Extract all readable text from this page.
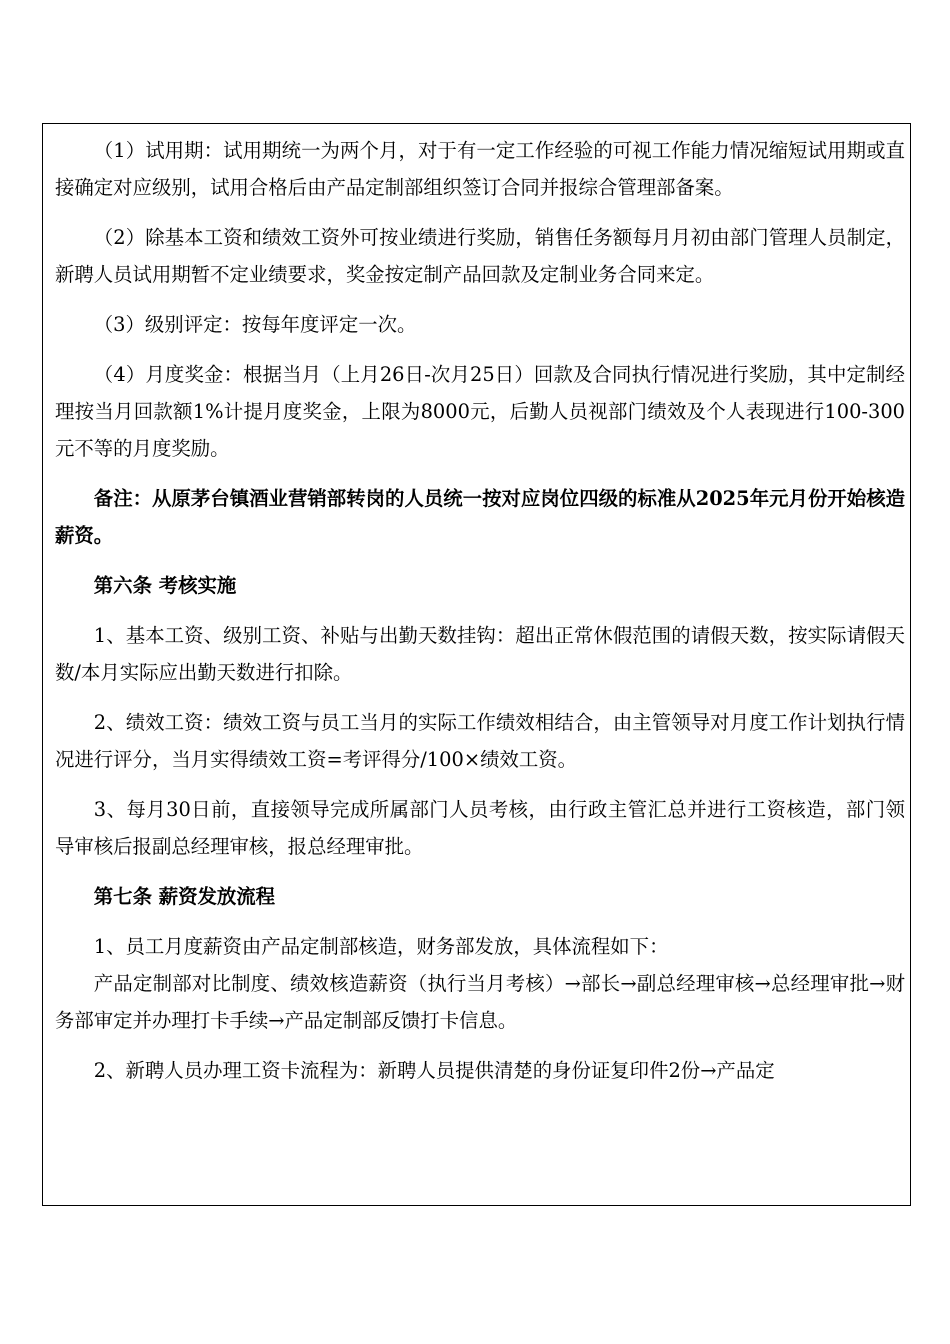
（1）试用期：试用期统一为两个月，对于有一定工作经验的可视工作能力情况缩短试用期或直接确定对应级别，试用合格后由产品定制部组织签订合同并报综合管理部备案。

（2）除基本工资和绩效工资外可按业绩进行奖励，销售任务额每月月初由部门管理人员制定，新聘人员试用期暂不定业绩要求，奖金按定制产品回款及定制业务合同来定。

（3）级别评定：按每年度评定一次。

（4）月度奖金：根据当月（上月26日-次月25日）回款及合同执行情况进行奖励，其中定制经理按当月回款额1%计提月度奖金，上限为8000元，后勤人员视部门绩效及个人表现进行100-300元不等的月度奖励。

备注：从原茅台镇酒业营销部转岗的人员统一按对应岗位四级的标准从2025年元月份开始核造薪资。

第六条 考核实施

1、基本工资、级别工资、补贴与出勤天数挂钩：超出正常休假范围的请假天数，按实际请假天数/本月实际应出勤天数进行扣除。

2、绩效工资：绩效工资与员工当月的实际工作绩效相结合，由主管领导对月度工作计划执行情况进行评分，当月实得绩效工资=考评得分/100×绩效工资。

3、每月30日前，直接领导完成所属部门人员考核，由行政主管汇总并进行工资核造，部门领导审核后报副总经理审核，报总经理审批。

第七条 薪资发放流程

1、员工月度薪资由产品定制部核造，财务部发放，具体流程如下：

产品定制部对比制度、绩效核造薪资（执行当月考核）→部长→副总经理审核→总经理审批→财务部审定并办理打卡手续→产品定制部反馈打卡信息。

2、新聘人员办理工资卡流程为：新聘人员提供清楚的身份证复印件2份→产品定
